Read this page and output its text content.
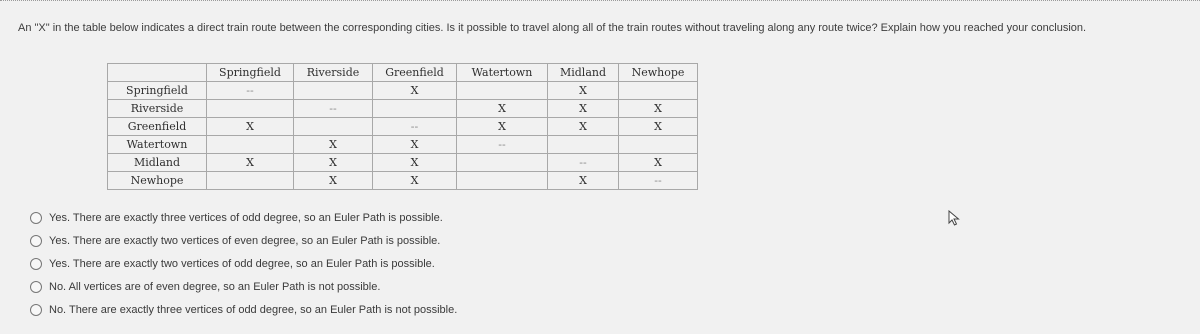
An "X" in the table below indicates a direct train route between the corresponding cities. Is it possible to travel along all of the train routes without traveling along any route twice? Explain how you reached your conclusion.
	Springfield	Riverside	Greenfield	Watertown	Midland	Newhope
Springfield	--		X		X	
Riverside		--		X	X	X
Greenfield	X		--	X	X	X
Watertown		X	X	--		
Midland	X	X	X		--	X
Newhope		X	X		X	--
Yes. There are exactly three vertices of odd degree, so an Euler Path is possible.
Yes. There are exactly two vertices of even degree, so an Euler Path is possible.
Yes. There are exactly two vertices of odd degree, so an Euler Path is possible.
No. All vertices are of even degree, so an Euler Path is not possible.
No. There are exactly three vertices of odd degree, so an Euler Path is not possible.
